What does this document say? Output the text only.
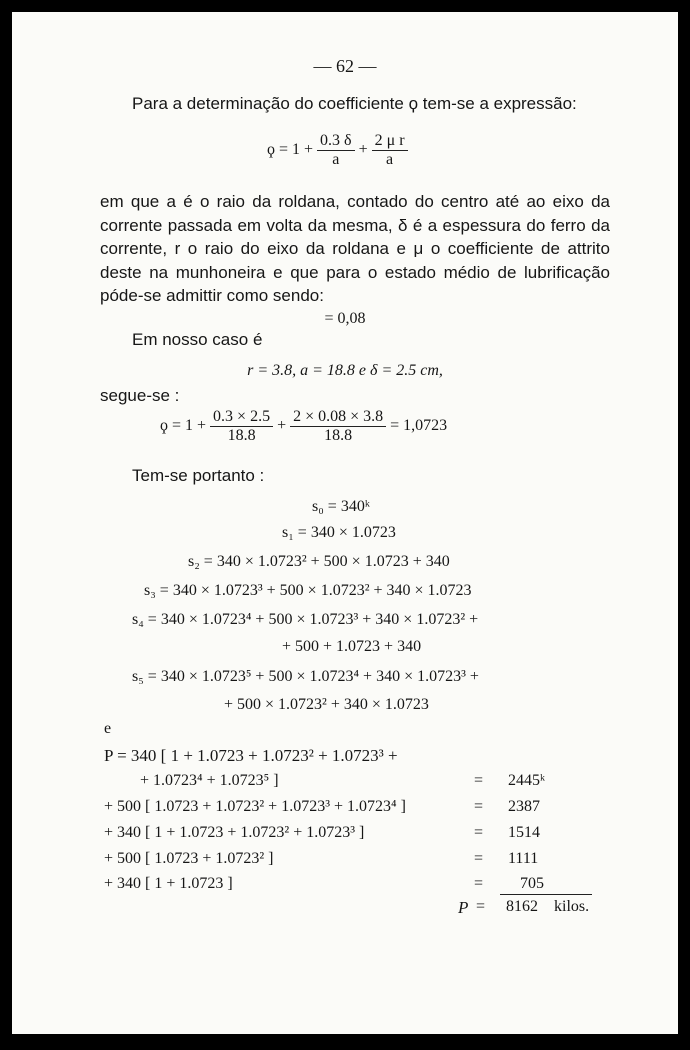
— 62 —
Para a determinação do coefficiente ϙ tem-se a expressão:
$ϙ = 1 + \frac{0.3 \delta}{a} + \frac{\text{2 μ r}}{a}$
em que a é o raio da roldana, contado do centro até ao eixo da corrente passada em volta da mesma, δ é a espessura do ferro da corrente, r o raio do eixo da roldana e μ o coefficiente de attrito deste na munhoneira e que para o estado médio de lubrificação póde-se admittir como sendo:
= 0,08
Em nosso caso é
r = 3.8, a = 18.8 e δ = 2.5 cm,
segue-se :
$ϙ = 1 + \frac{0.3 \times 2.5}{18.8} + \frac{2 \times 0.08 \times 3.8}{18.8} = 1,0723$
Tem-se portanto :
s₀ = 340ᵏ
s₁ = 340 × 1.0723
s₂ = 340 × 1.0723² + 500 × 1.0723 + 340
s₃ = 340 × 1.0723³ + 500 × 1.0723² + 340 × 1.0723
s₄ = 340 × 1.0723⁴ + 500 × 1.0723³ + 340 × 1.0723² +
+ 500 + 1.0723 + 340
s₅ = 340 × 1.0723⁵ + 500 × 1.0723⁴ + 340 × 1.0723³ +
+ 500 × 1.0723² + 340 × 1.0723
e
P = 340 [ 1 + 1.0723 + 1.0723² + 1.0723³ +
+ 1.0723⁴ + 1.0723⁵ ]	= 2445ᵏ
+ 500 [ 1.0723 + 1.0723² + 1.0723³ + 1.0723⁴ ]	= 2387
+ 340 [ 1 + 1.0723 + 1.0723² + 1.0723³ ]	= 1514
+ 500 [ 1.0723 + 1.0723² ]	= 1111
+ 340 [ 1 + 1.0723 ]	= 705
P = 8162 kilos.
